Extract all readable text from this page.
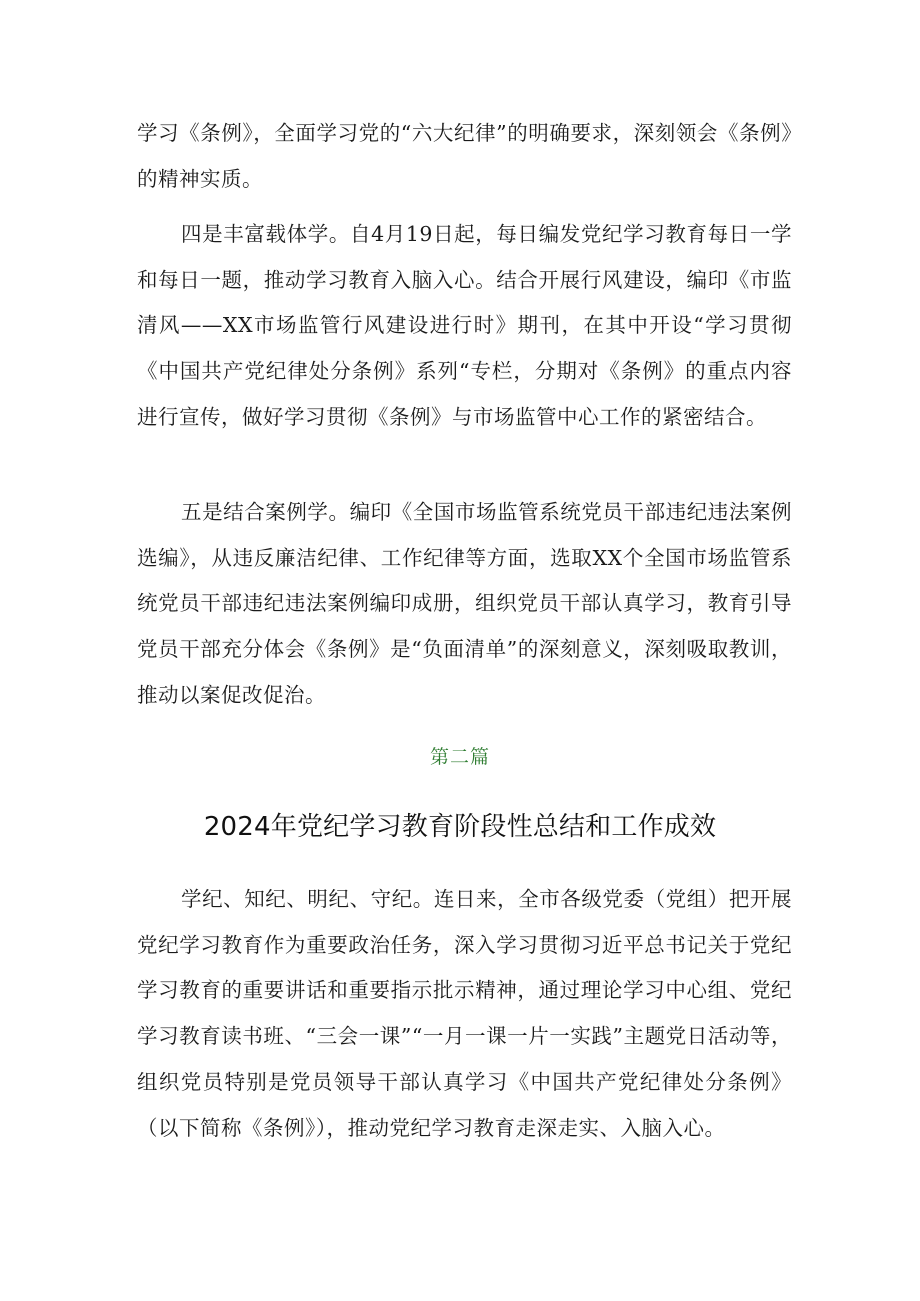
学习《条例》，全面学习党的“六大纪律”的明确要求，深刻领会《条例》的精神实质。

四是丰富载体学。自4月19日起，每日编发党纪学习教育每日一学和每日一题，推动学习教育入脑入心。结合开展行风建设，编印《市监清风——XX市场监管行风建设进行时》期刊，在其中开设“学习贯彻《中国共产党纪律处分条例》系列“专栏，分期对《条例》的重点内容进行宣传，做好学习贯彻《条例》与市场监管中心工作的紧密结合。

五是结合案例学。编印《全国市场监管系统党员干部违纪违法案例选编》，从违反廉洁纪律、工作纪律等方面，选取XX个全国市场监管系统党员干部违纪违法案例编印成册，组织党员干部认真学习，教育引导党员干部充分体会《条例》是“负面清单”的深刻意义，深刻吸取教训，推动以案促改促治。

第二篇

2024年党纪学习教育阶段性总结和工作成效

学纪、知纪、明纪、守纪。连日来，全市各级党委（党组）把开展党纪学习教育作为重要政治任务，深入学习贯彻习近平总书记关于党纪学习教育的重要讲话和重要指示批示精神，通过理论学习中心组、党纪学习教育读书班、“三会一课”“一月一课一片一实践”主题党日活动等，组织党员特别是党员领导干部认真学习《中国共产党纪律处分条例》（以下简称《条例》），推动党纪学习教育走深走实、入脑入心。
